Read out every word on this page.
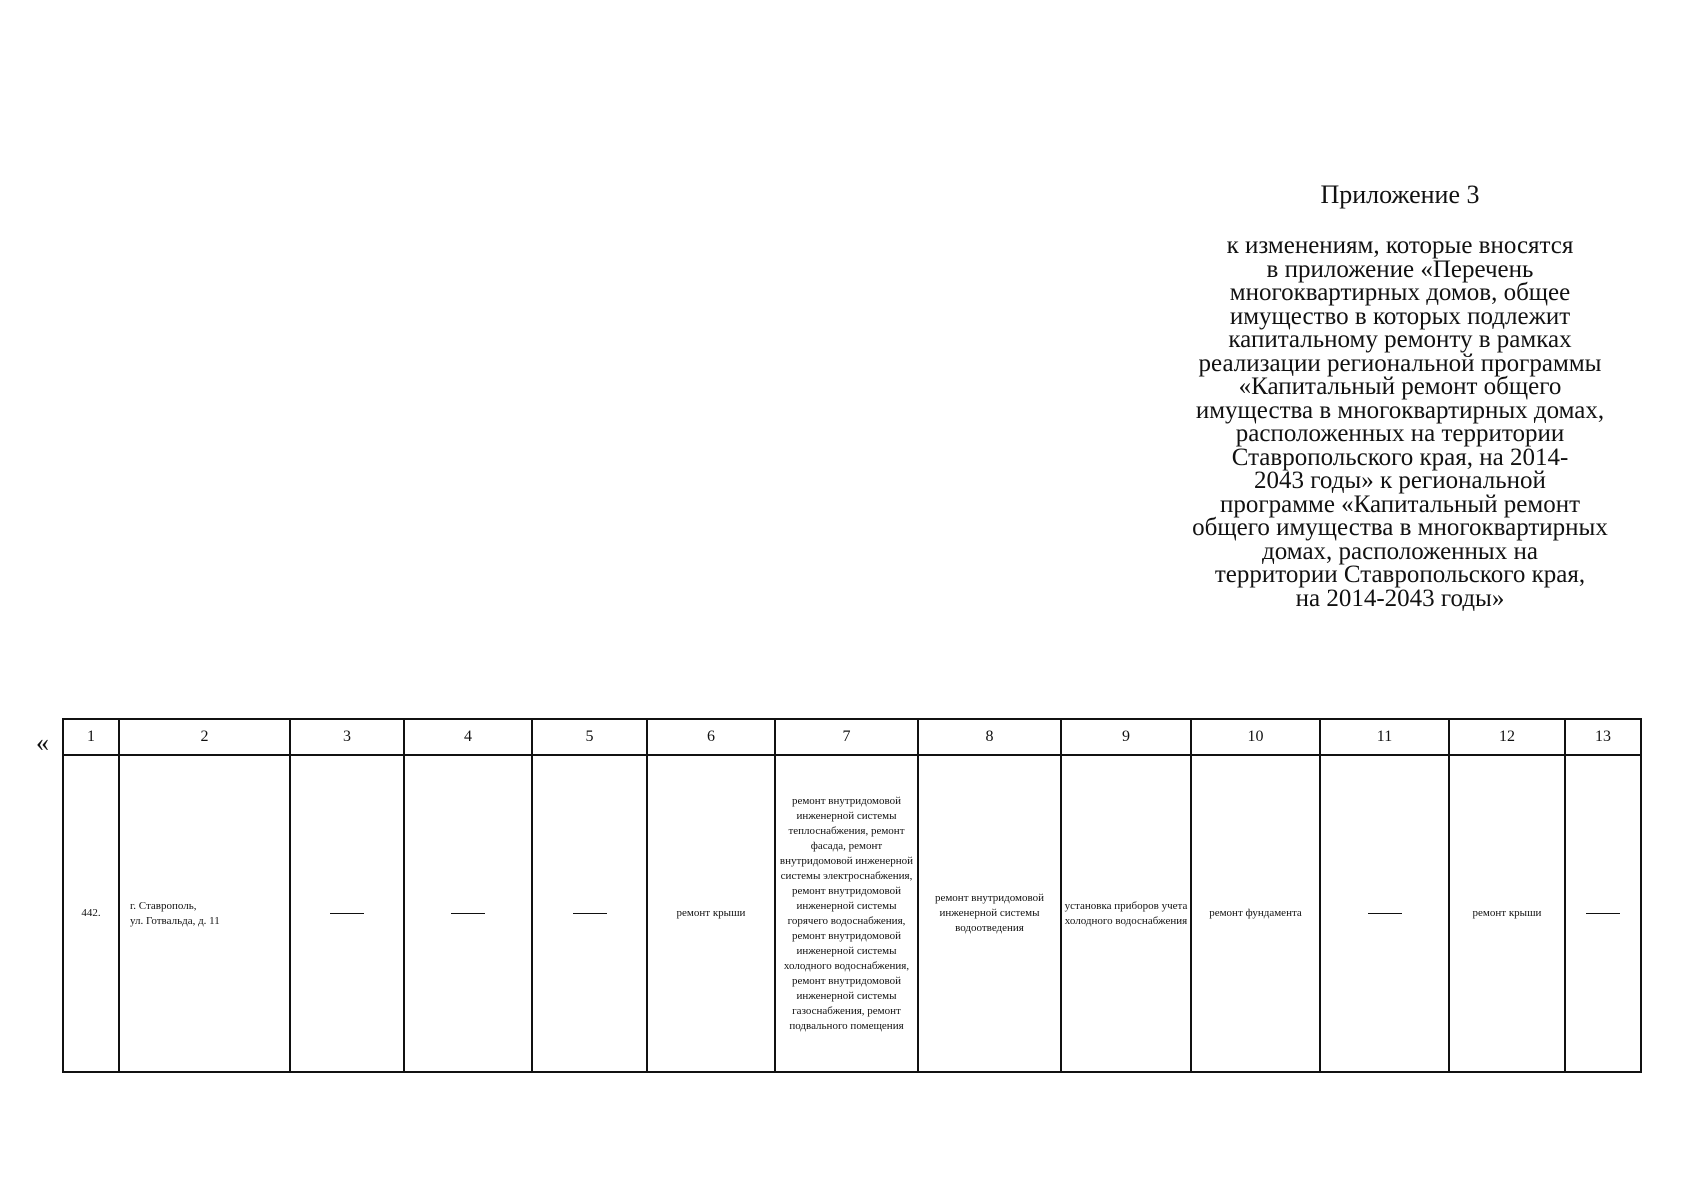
Приложение 3
к изменениям, которые вносятся
в приложение «Перечень
многоквартирных домов, общее
имущество в которых подлежит
капитальному ремонту в рамках
реализации региональной программы
«Капитальный ремонт общего
имущества в многоквартирных домах,
расположенных на территории
Ставропольского края, на 2014-
2043 годы» к региональной
программе «Капитальный ремонт
общего имущества в многоквартирных
домах, расположенных на
территории Ставропольского края,
на 2014-2043 годы»
« 1	2	3	4	5	6	7	8	9	10	11	12	13
442.	г. Ставрополь,
ул. Готвальда, д. 11				ремонт крыши	ремонт внутридомовой инженерной системы теплоснабжения, ремонт фасада, ремонт внутридомовой инженерной системы электроснабжения, ремонт внутридомовой инженерной системы горячего водоснабжения, ремонт внутридомовой инженерной системы холодного водоснабжения, ремонт внутридомовой инженерной системы газоснабжения, ремонт подвального помещения	ремонт внутридомовой инженерной системы водоотведения	установка приборов учета холодного водоснабжения	ремонт фундамента		ремонт крыши	
